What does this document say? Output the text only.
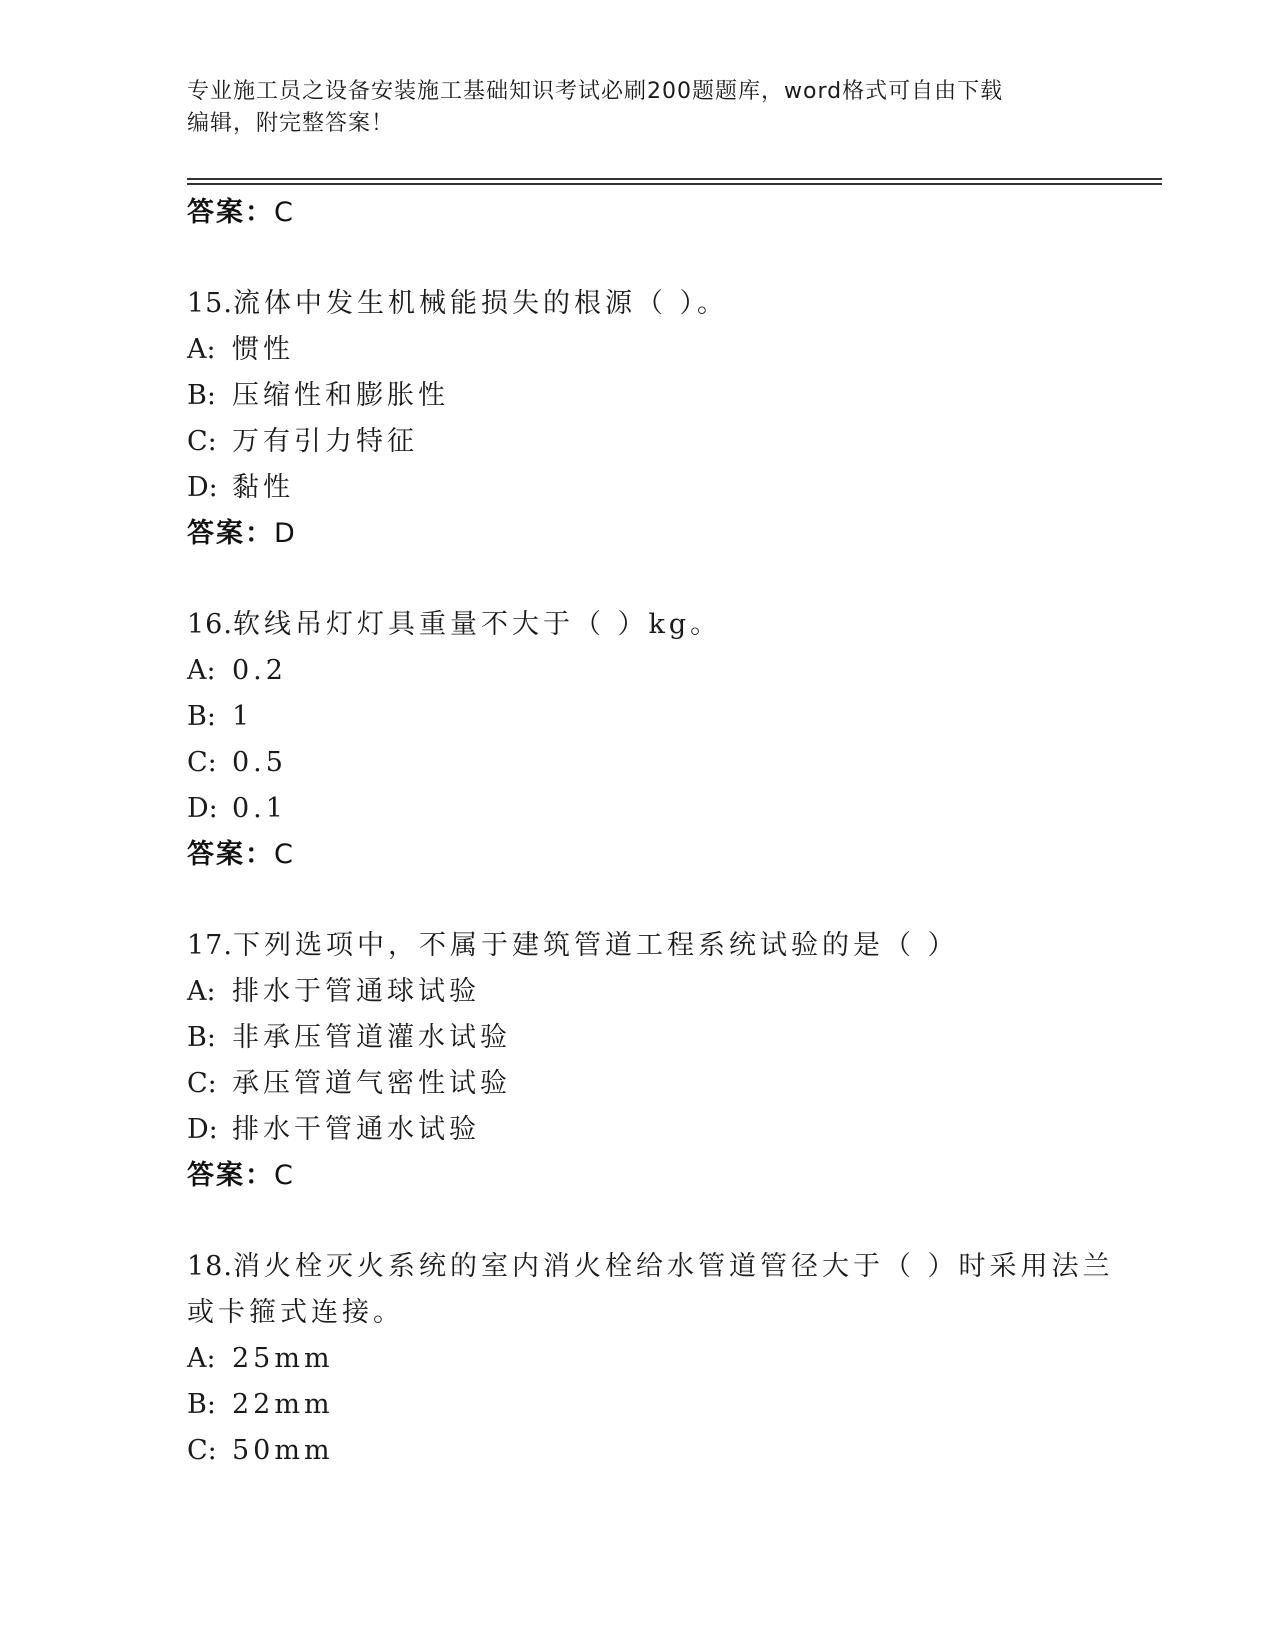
专业施工员之设备安装施工基础知识考试必刷200题题库，word格式可自由下载
编辑，附完整答案！
答案：C
15.流体中发生机械能损失的根源（ ）。
A: 惯性
B: 压缩性和膨胀性
C: 万有引力特征
D: 黏性
答案：D
16.软线吊灯灯具重量不大于（ ）kg。
A: 0.2
B: 1
C: 0.5
D: 0.1
答案：C
17.下列选项中，不属于建筑管道工程系统试验的是（ ）
A: 排水于管通球试验
B: 非承压管道灌水试验
C: 承压管道气密性试验
D: 排水干管通水试验
答案：C
18.消火栓灭火系统的室内消火栓给水管道管径大于（ ）时采用法兰
或卡箍式连接。
A: 25mm
B: 22mm
C: 50mm
